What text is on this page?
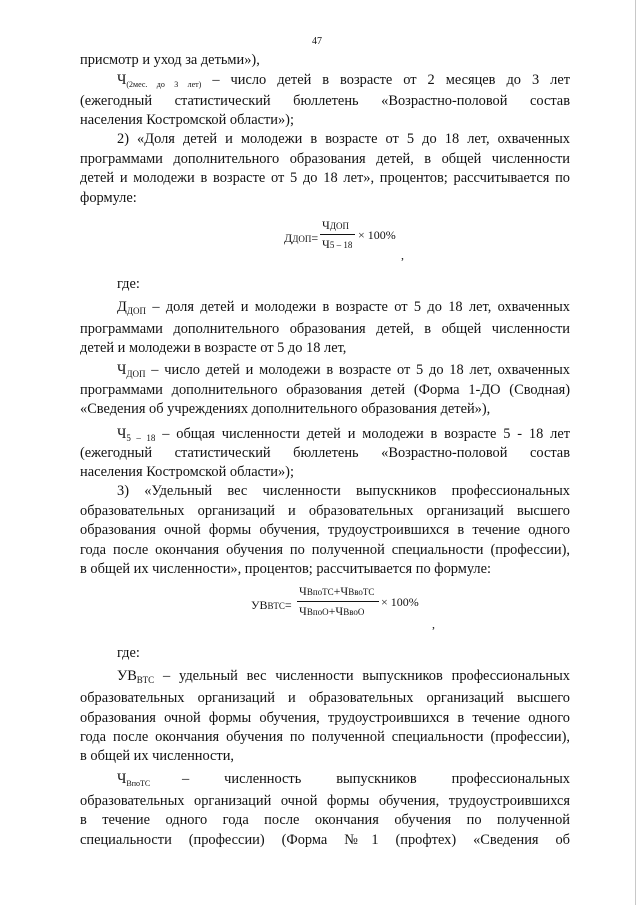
47
присмотр и уход за детьми»),
$Ч_{(2мес. до 3 лет)}$ – число детей в возрасте от 2 месяцев до 3 лет
(ежегодный статистический бюллетень «Возрастно-половой состав
населения Костромской области»);
2) «Доля детей и молодежи в возрасте от 5 до 18 лет, охваченных
программами дополнительного образования детей, в общей численности
детей и молодежи в возрасте от 5 до 18 лет», процентов; рассчитывается по
формуле:
ДДОП=
ЧДОП
Ч5 – 18
× 100%
,
где:
$Д_{ДОП}$ – доля детей и молодежи в возрасте от 5 до 18 лет, охваченных
программами дополнительного образования детей, в общей численности
детей и молодежи в возрасте от 5 до 18 лет,
$Ч_{ДОП}$ – число детей и молодежи в возрасте от 5 до 18 лет, охваченных
программами дополнительного образования детей (Форма 1-ДО (Сводная)
«Сведения об учреждениях дополнительного образования детей»),
$Ч_{5 - 18}$ – общая численности детей и молодежи в возрасте 5 - 18 лет
(ежегодный статистический бюллетень «Возрастно-половой состав
населения Костромской области»);
3) «Удельный вес численности выпускников профессиональных
образовательных организаций и образовательных организаций высшего
образования очной формы обучения, трудоустроившихся в течение одного
года после окончания обучения по полученной специальности (профессии),
в общей их численности», процентов; рассчитывается по формуле:
УВВТС=
ЧВпоТС+ЧВвоТС
ЧВпоО+ЧВвоО
× 100%
,
где:
$УВ_{ВТС}$ – удельный вес численности выпускников профессиональных
образовательных организаций и образовательных организаций высшего
образования очной формы обучения, трудоустроившихся в течение одного
года после окончания обучения по полученной специальности (профессии),
в общей их численности,
$Ч_{ВпоТС}$ – численность выпускников профессиональных
образовательных организаций очной формы обучения, трудоустроившихся
в течение одного года после окончания обучения по полученной
специальности (профессии) (Форма №1 (профтех) «Сведения об
